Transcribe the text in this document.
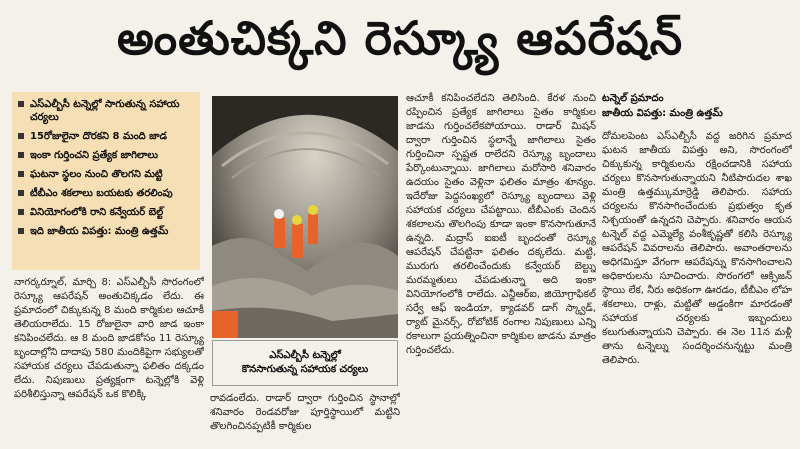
అంతుచిక్కని రెస్క్యూ ఆపరేషన్
ఎస్ఎల్బీసీ టన్నెల్లో సాగుతున్న సహాయ చర్యలు
15రోజులైనా దొరకని 8 మంది జాడ
ఇంకా గుర్తించని ప్రత్యేక జాగిలాలు
ఘటనా స్థలం నుంచి తొలగని మట్టి
టీబీఎం శకలాలు బయటకు తరలింపు
వినియోగంలోకి రాని కన్వేయర్ బెల్ట్
ఇది జాతీయ విపత్తు: మంత్రి ఉత్తమ్

నాగర్కర్నూల్, మార్చి 8: ఎస్ఎల్బీసీ సొరంగంలో రెస్క్యూ ఆపరేషన్ అంతుచిక్కడం లేదు. ఈ ప్రమాదంలో చిక్కుకున్న 8 మంది కార్మికుల ఆచూకీ తెలియరాలేదు. 15 రోజులైనా వారి జాడ ఇంకా కనిపించలేదు. ఆ 8 మంది జాడకోసం 11 రెస్క్యూ బృందాల్లోని దాదాపు 580 మందికిపైగా సభ్యులతో సహాయక చర్యలు చేపడుతున్నా ఫలితం దక్కడం లేదు. నిపుణులు ప్రత్యక్షంగా టన్నెల్లోకి వెళ్లి పరిశీలిస్తున్నా ఆపరేషన్ ఒక కొలిక్కి

ఎస్ఎల్బీసీ టన్నెల్లో
కొనసాగుతున్న సహాయక చర్యలు

రావడంలేదు. రాడార్ ద్వారా గుర్తించిన స్థానాల్లో శనివారం రెండవరోజు పూర్తిస్థాయిలో మట్టిని తొలగించినప్పటికీ కార్మికుల

ఆచూకీ కనిపించలేదని తెలిసింది. కేరళ నుంచి రప్పించిన ప్రత్యేక జాగిలాలు సైతం కార్మికుల జాడను గుర్తించలేకపోయాయి. రాడార్ మిషన్ ద్వారా గుర్తించిన స్థలాన్నే జాగిలాలు సైతం గుర్తించినా స్పష్టత రాలేదని రెస్క్యూ బృందాలు పేర్కొంటున్నాయి. జాగిలాలు మరోసారి శనివారం ఉదయం సైతం వెళ్లినా ఫలితం మాత్రం శూన్యం. ఇదేరోజు పెద్దసంఖ్యలో రెస్క్యూ బృందాలు వెళ్లి సహాయక చర్యలు చేపట్టాయి. టీబీఎంకు చెందిన శకలాలను తొలగింపు కూడా ఇంకా కొనసాగుతూనే ఉన్నది. మద్రాస్ ఐఐటీ బృందంతో రెస్క్యూ ఆపరేషన్ చేపట్టినా ఫలితం దక్కలేదు. మట్టి, మురుగు తరలించేందుకు కన్వేయర్ బెల్ట్ను మరమ్మతులు చేపడుతున్నా అది ఇంకా వినియోగంలోకి రాలేదు. ఎన్జీఆర్ఐ, జియోగ్రాఫికల్ సర్వే ఆఫ్ ఇండియా, క్యాడవర్ డాగ్ స్క్వాడ్, ర్యాట్ మైనర్స్, రోబోటిక్ రంగాల నిపుణులు ఎన్ని రకాలుగా ప్రయత్నించినా కార్మికుల జాడను మాత్రం గుర్తించలేదు.

టన్నెల్ ప్రమాదం
జాతీయ విపత్తు: మంత్రి ఉత్తమ్

దోమలపెంట ఎస్ఎల్బీసీ వద్ద జరిగిన ప్రమాద ఘటన జాతీయ విపత్తు అని, సొరంగంలో చిక్కుకున్న కార్మికులను రక్షించడానికి సహాయ చర్యలు కొనసాగుతున్నాయని నీటిపారుదల శాఖ మంత్రి ఉత్తమ్కుమార్రెడ్డి తెలిపారు. సహాయ చర్యలను కొనసాగించేందుకు ప్రభుత్వం కృత నిశ్చయంతో ఉన్నదని చెప్పారు. శనివారం ఆయన టన్నెల్ వద్ద ఎమ్మెల్యే వంశీకృష్ణతో కలిసి రెస్క్యూ ఆపరేషన్ వివరాలను తెలిపారు. అవాంతరాలను అధిగమిస్తూ వేగంగా ఆపరేషన్ను కొనసాగించాలని అధికారులను సూచించారు. సొరంగలో ఆక్సిజన్ స్థాయి లేక, నీరు అధికంగా ఊరడం, టీబీఎం లోహ శకలాలు, రాళ్లు, మట్టితో అడ్డంకిగా మారడంతో సహాయక చర్యలకు ఇబ్బందులు కలుగుతున్నాయని చెప్పారు. ఈ నెల 11న మళ్లీ తాను టన్నెల్ను సందర్శించనున్నట్టు మంత్రి తెలిపారు.
